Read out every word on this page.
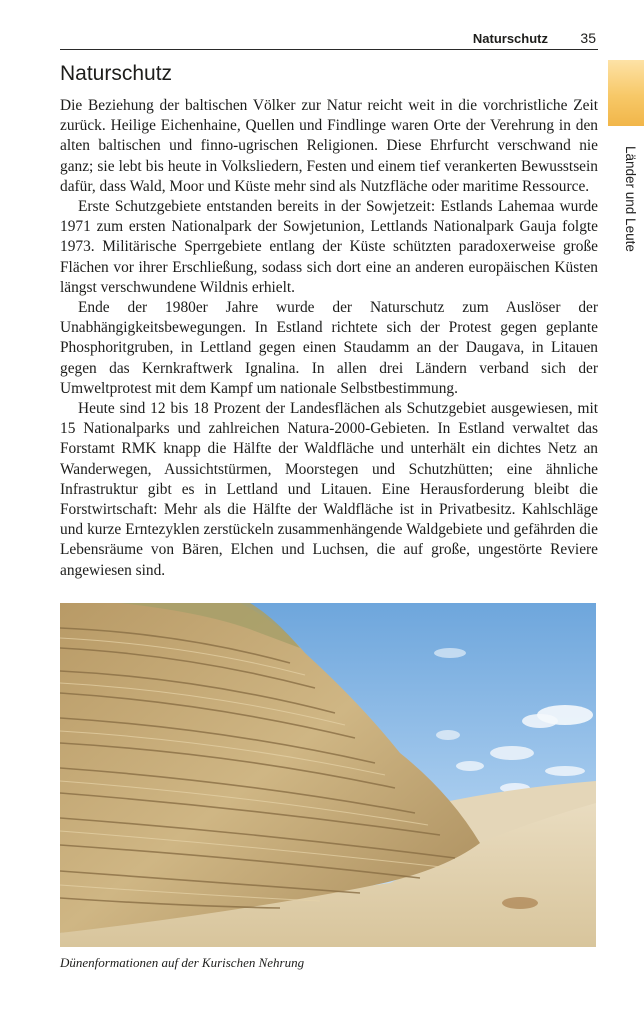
Naturschutz 35
Länder und Leute
Naturschutz

Die Beziehung der baltischen Völker zur Natur reicht weit in die vorchristliche Zeit zurück. Heilige Eichenhaine, Quellen und Findlinge waren Orte der Verehrung in den alten baltischen und finno-ugrischen Religionen. Diese Ehrfurcht verschwand nie ganz; sie lebt bis heute in Volksliedern, Festen und einem tief verankerten Bewusstsein dafür, dass Wald, Moor und Küste mehr sind als Nutzfläche oder maritime Ressource.

Erste Schutzgebiete entstanden bereits in der Sowjetzeit: Estlands Lahemaa wurde 1971 zum ersten Nationalpark der Sowjetunion, Lettlands Nationalpark Gauja folgte 1973. Militärische Sperrgebiete entlang der Küste schützten paradoxerweise große Flächen vor ihrer Erschließung, sodass sich dort eine an anderen europäischen Küsten längst verschwundene Wildnis erhielt.

Ende der 1980er Jahre wurde der Naturschutz zum Auslöser der Unabhängigkeitsbewegungen. In Estland richtete sich der Protest gegen geplante Phosphoritgruben, in Lettland gegen einen Staudamm an der Daugava, in Litauen gegen das Kernkraftwerk Ignalina. In allen drei Ländern verband sich der Umweltprotest mit dem Kampf um nationale Selbstbestimmung.

Heute sind 12 bis 18 Prozent der Landesflächen als Schutzgebiet ausgewiesen, mit 15 Nationalparks und zahlreichen Natura-2000-Gebieten. In Estland verwaltet das Forstamt RMK knapp die Hälfte der Waldfläche und unterhält ein dichtes Netz an Wanderwegen, Aussichtstürmen, Moorstegen und Schutzhütten; eine ähnliche Infrastruktur gibt es in Lettland und Litauen. Eine Herausforderung bleibt die Forstwirtschaft: Mehr als die Hälfte der Waldfläche ist in Privatbesitz. Kahlschläge und kurze Erntezyklen zerstückeln zusammenhängende Waldgebiete und gefährden die Lebensräume von Bären, Elchen und Luchsen, die auf große, ungestörte Reviere angewiesen sind.

Dünenformationen auf der Kurischen Nehrung
